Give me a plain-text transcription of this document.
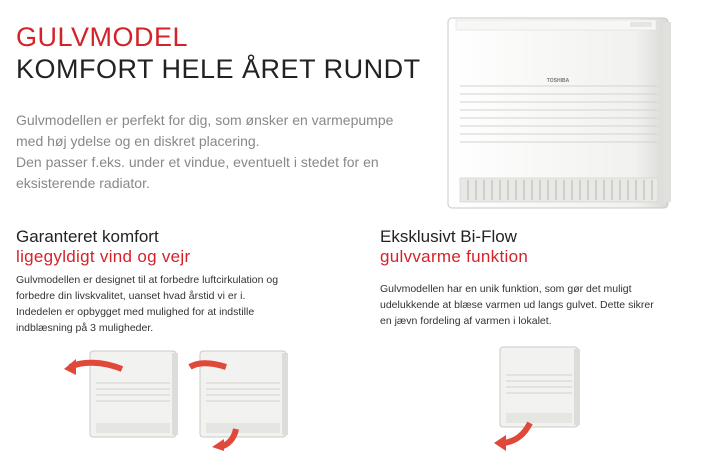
GULVMODEL
KOMFORT HELE ÅRET RUNDT

Gulvmodellen er perfekt for dig, som ønsker en varmepumpe

med høj ydelse og en diskret placering.

Den passer f.eks. under et vindue, eventuelt i stedet for en

eksisterende radiator.

TOSHIBA
Garanteret komfort
ligegyldigt vind og vejr

Gulvmodellen er designet til at forbedre luftcirkulation og

forbedre din livskvalitet, uanset hvad årstid vi er i.

Indedelen er opbygget med mulighed for at indstille

indblæsning på 3 muligheder.

Eksklusivt Bi-Flow
gulvvarme funktion

Gulvmodellen har en unik funktion, som gør det muligt

udelukkende at blæse varmen ud langs gulvet. Dette sikrer

en jævn fordeling af varmen i lokalet.
